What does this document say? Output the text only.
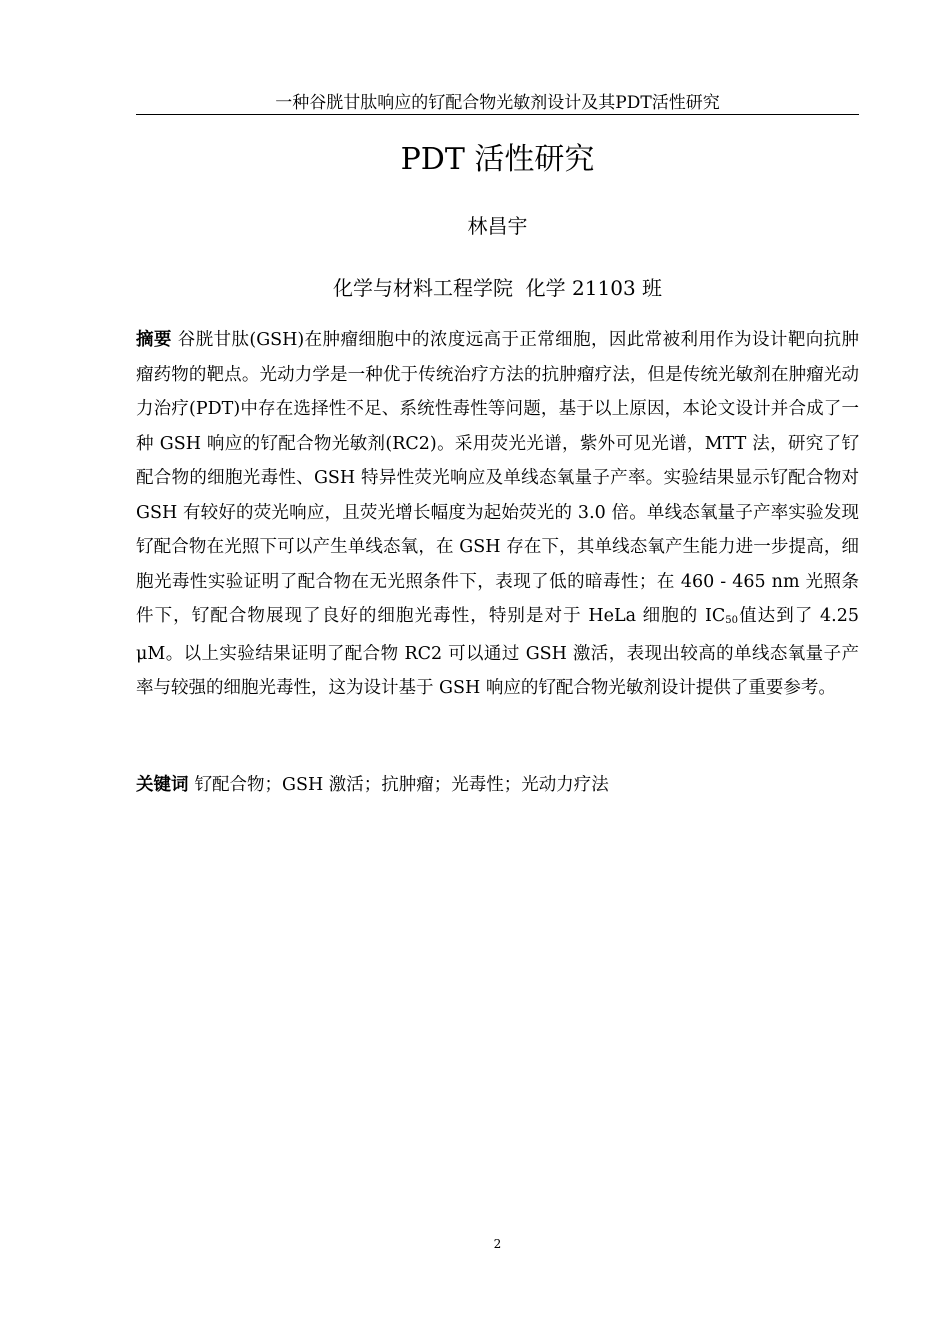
一种谷胱甘肽响应的钌配合物光敏剂设计及其PDT活性研究
PDT 活性研究
林昌宇
化学与材料工程学院  化学 21103 班

摘要 谷胱甘肽(GSH)在肿瘤细胞中的浓度远高于正常细胞，因此常被利用作为设计靶向抗肿瘤药物的靶点。光动力学是一种优于传统治疗方法的抗肿瘤疗法，但是传统光敏剂在肿瘤光动力治疗(PDT)中存在选择性不足、系统性毒性等问题，基于以上原因，本论文设计并合成了一种 GSH 响应的钌配合物光敏剂(RC2)。采用荧光光谱，紫外可见光谱，MTT 法，研究了钌配合物的细胞光毒性、GSH 特异性荧光响应及单线态氧量子产率。实验结果显示钌配合物对 GSH 有较好的荧光响应，且荧光增长幅度为起始荧光的 3.0 倍。单线态氧量子产率实验发现钌配合物在光照下可以产生单线态氧，在 GSH 存在下，其单线态氧产生能力进一步提高，细胞光毒性实验证明了配合物在无光照条件下，表现了低的暗毒性；在 460 - 465 nm 光照条件下，钌配合物展现了良好的细胞光毒性，特别是对于 HeLa 细胞的 $IC_{50}$值达到了 4.25 μM。以上实验结果证明了配合物 RC2 可以通过 GSH 激活，表现出较高的单线态氧量子产率与较强的细胞光毒性，这为设计基于 GSH 响应的钌配合物光敏剂设计提供了重要参考。

关键词 钌配合物；GSH 激活；抗肿瘤；光毒性；光动力疗法

2
